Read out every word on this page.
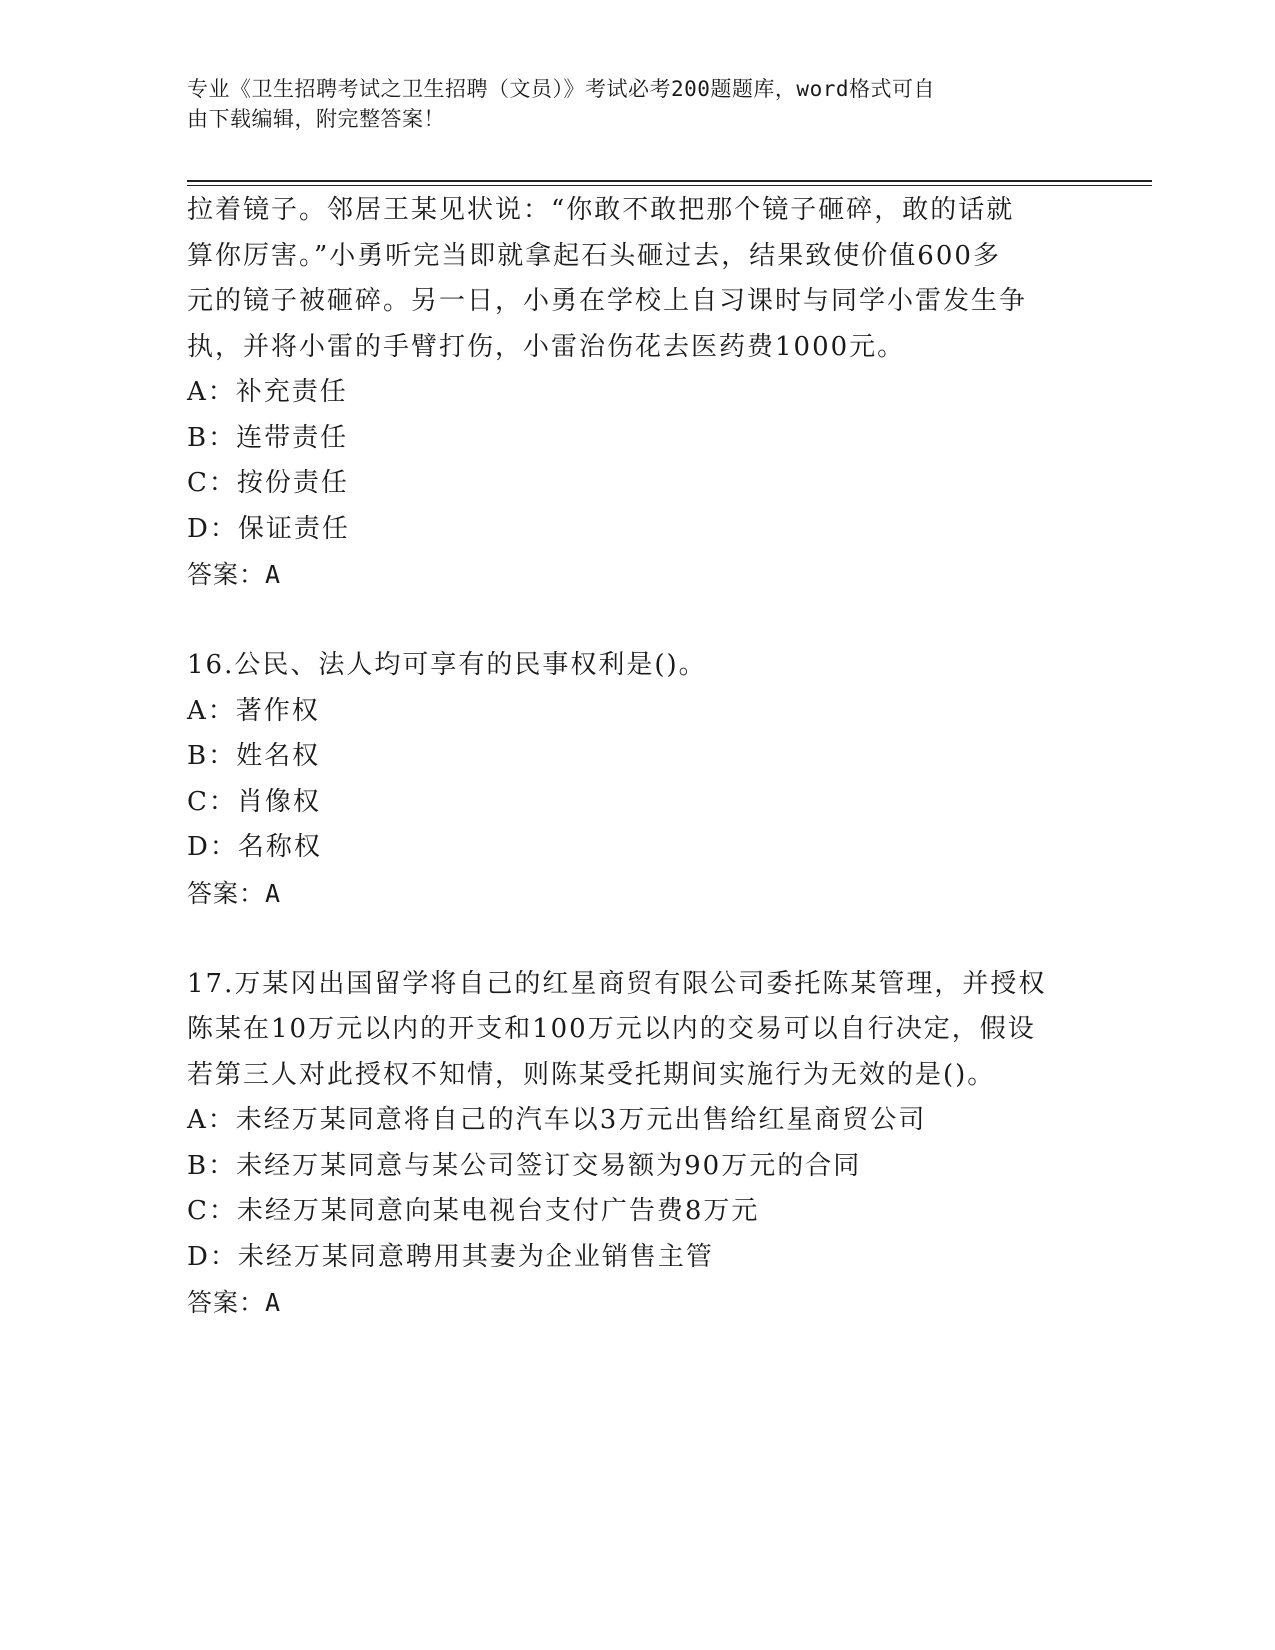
专业《卫生招聘考试之卫生招聘（文员）》考试必考200题题库，word格式可自
由下载编辑，附完整答案！
拉着镜子。邻居王某见状说：“你敢不敢把那个镜子砸碎，敢的话就
算你厉害。”小勇听完当即就拿起石头砸过去，结果致使价值600多
元的镜子被砸碎。另一日，小勇在学校上自习课时与同学小雷发生争
执，并将小雷的手臂打伤，小雷治伤花去医药费1000元。
A：补充责任
B：连带责任
C：按份责任
D：保证责任
答案：A
16.公民、法人均可享有的民事权利是()。
A：著作权
B：姓名权
C：肖像权
D：名称权
答案：A
17.万某冈出国留学将自己的红星商贸有限公司委托陈某管理，并授权
陈某在10万元以内的开支和100万元以内的交易可以自行决定，假设
若第三人对此授权不知情，则陈某受托期间实施行为无效的是()。
A：未经万某同意将自己的汽车以3万元出售给红星商贸公司
B：未经万某同意与某公司签订交易额为90万元的合同
C：未经万某同意向某电视台支付广告费8万元
D：未经万某同意聘用其妻为企业销售主管
答案：A
